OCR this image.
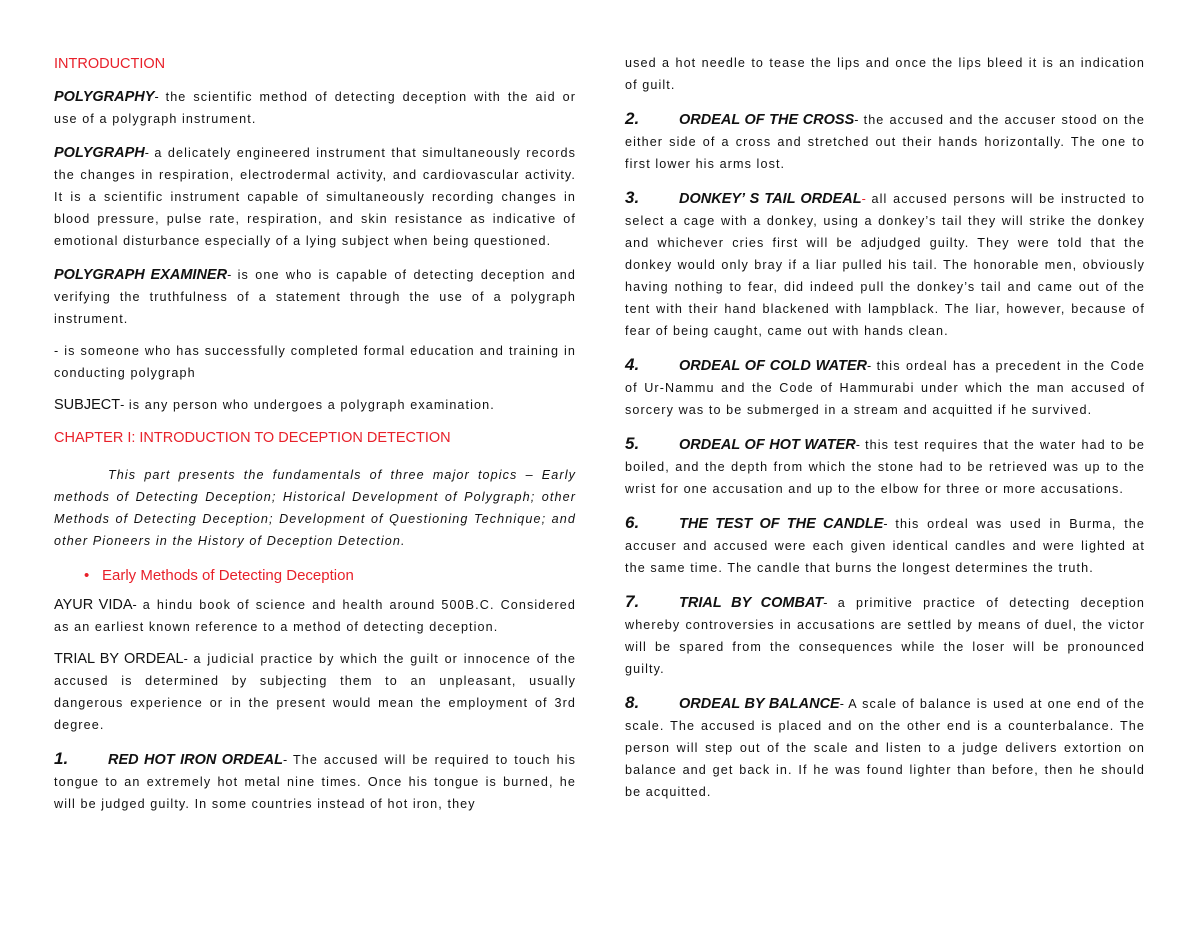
INTRODUCTION

POLYGRAPHY- the scientific method of detecting deception with the aid or use of a polygraph instrument.

POLYGRAPH- a delicately engineered instrument that simultaneously records the changes in respiration, electrodermal activity, and cardiovascular activity. It is a scientific instrument capable of simultaneously recording changes in blood pressure, pulse rate, respiration, and skin resistance as indicative of emotional disturbance especially of a lying subject when being questioned.

POLYGRAPH EXAMINER- is one who is capable of detecting deception and verifying the truthfulness of a statement through the use of a polygraph instrument.

- is someone who has successfully completed formal education and training in conducting polygraph

SUBJECT- is any person who undergoes a polygraph examination.

CHAPTER I: INTRODUCTION TO DECEPTION DETECTION

This part presents the fundamentals of three major topics – Early methods of Detecting Deception; Historical Development of Polygraph; other Methods of Detecting Deception; Development of Questioning Technique; and other Pioneers in the History of Deception Detection.

• Early Methods of Detecting Deception

AYUR VIDA- a hindu book of science and health around 500B.C. Considered as an earliest known reference to a method of detecting deception.

TRIAL BY ORDEAL- a judicial practice by which the guilt or innocence of the accused is determined by subjecting them to an unpleasant, usually dangerous experience or in the present would mean the employment of 3rd degree.

1.	RED HOT IRON ORDEAL- The accused will be required to touch his tongue to an extremely hot metal nine times. Once his tongue is burned, he will be judged guilty. In some countries instead of hot iron, they

used a hot needle to tease the lips and once the lips bleed it is an indication of guilt.

2.	ORDEAL OF THE CROSS- the accused and the accuser stood on the either side of a cross and stretched out their hands horizontally. The one to first lower his arms lost.

3.	DONKEY’ S TAIL ORDEAL- all accused persons will be instructed to select a cage with a donkey, using a donkey’s tail they will strike the donkey and whichever cries first will be adjudged guilty. They were told that the donkey would only bray if a liar pulled his tail. The honorable men, obviously having nothing to fear, did indeed pull the donkey’s tail and came out of the tent with their hand blackened with lampblack. The liar, however, because of fear of being caught, came out with hands clean.

4.	ORDEAL OF COLD WATER- this ordeal has a precedent in the Code of Ur-Nammu and the Code of Hammurabi under which the man accused of sorcery was to be submerged in a stream and acquitted if he survived.

5.	ORDEAL OF HOT WATER- this test requires that the water had to be boiled, and the depth from which the stone had to be retrieved was up to the wrist for one accusation and up to the elbow for three or more accusations.

6.	THE TEST OF THE CANDLE- this ordeal was used in Burma, the accuser and accused were each given identical candles and were lighted at the same time. The candle that burns the longest determines the truth.

7.	TRIAL BY COMBAT- a primitive practice of detecting deception whereby controversies in accusations are settled by means of duel, the victor will be spared from the consequences while the loser will be pronounced guilty.

8.	ORDEAL BY BALANCE- A scale of balance is used at one end of the scale. The accused is placed and on the other end is a counterbalance. The person will step out of the scale and listen to a judge delivers extortion on balance and get back in. If he was found lighter than before, then he should be acquitted.
